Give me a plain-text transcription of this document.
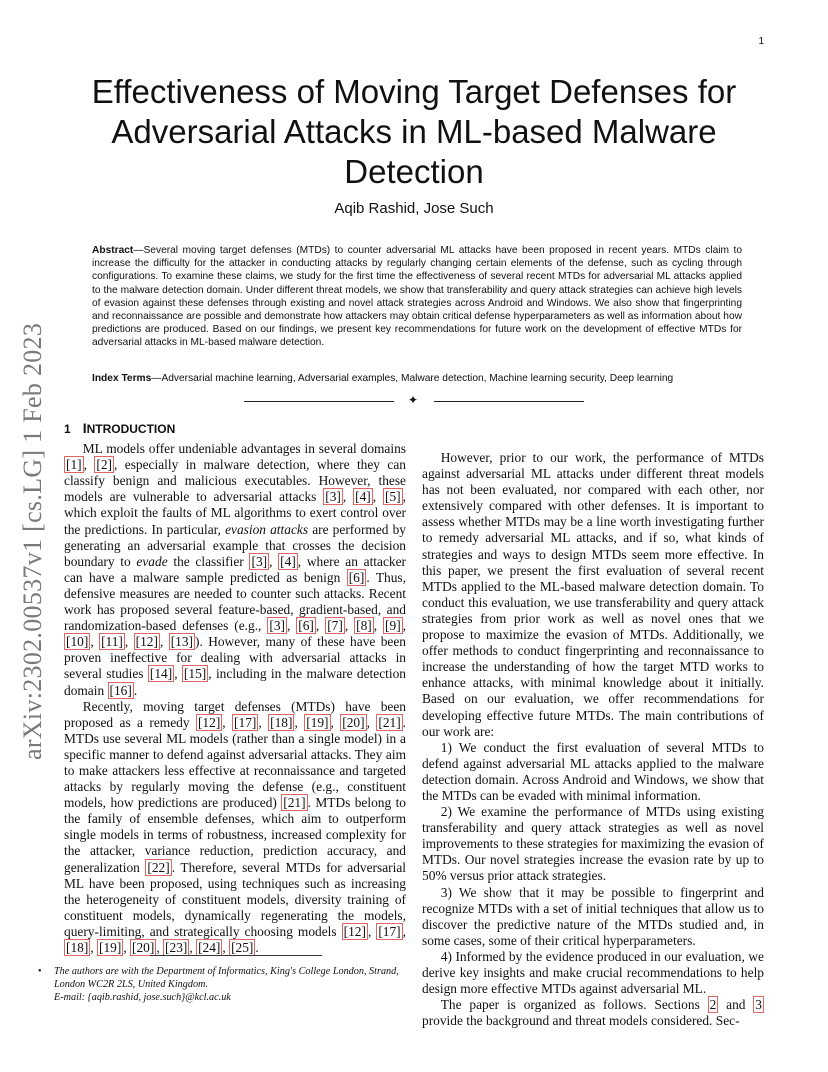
1
arXiv:2302.00537v1 [cs.LG] 1 Feb 2023
Effectiveness of Moving Target Defenses for Adversarial Attacks in ML-based Malware Detection
Aqib Rashid, Jose Such
Abstract—Several moving target defenses (MTDs) to counter adversarial ML attacks have been proposed in recent years. MTDs claim to increase the difficulty for the attacker in conducting attacks by regularly changing certain elements of the defense, such as cycling through configurations. To examine these claims, we study for the first time the effectiveness of several recent MTDs for adversarial ML attacks applied to the malware detection domain. Under different threat models, we show that transferability and query attack strategies can achieve high levels of evasion against these defenses through existing and novel attack strategies across Android and Windows. We also show that fingerprinting and reconnaissance are possible and demonstrate how attackers may obtain critical defense hyperparameters as well as information about how predictions are produced. Based on our findings, we present key recommendations for future work on the development of effective MTDs for adversarial attacks in ML-based malware detection.
Index Terms—Adversarial machine learning, Adversarial examples, Malware detection, Machine learning security, Deep learning
✦
1 INTRODUCTION

ML models offer undeniable advantages in several domains [1] , [2] , especially in malware detection, where they can classify benign and malicious executables. However, these models are vulnerable to adversarial attacks [3] , [4] , [5] , which exploit the faults of ML algorithms to exert control over the predictions. In particular, evasion attacks are performed by generating an adversarial example that crosses the decision boundary to evade the classifier [3] , [4] , where an attacker can have a malware sample predicted as benign [6] . Thus, defensive measures are needed to counter such attacks. Recent work has proposed several feature-based, gradient-based, and randomization-based defenses (e.g., [3] , [6] , [7] , [8] , [9] , [10] , [11] , [12] , [13] ). However, many of these have been proven ineffective for dealing with adversarial attacks in several studies [14] , [15] , including in the malware detection domain [16] .

Recently, moving target defenses (MTDs) have been proposed as a remedy [12] , [17] , [18] , [19] , [20] , [21] . MTDs use several ML models (rather than a single model) in a specific manner to defend against adversarial attacks. They aim to make attackers less effective at reconnaissance and targeted attacks by regularly moving the defense (e.g., constituent models, how predictions are produced) [21] . MTDs belong to the family of ensemble defenses, which aim to outperform single models in terms of robustness, increased complexity for the attacker, variance reduction, prediction accuracy, and generalization [22] . Therefore, several MTDs for adversarial ML have been proposed, using techniques such as increasing the heterogeneity of constituent models, diversity training of constituent models, dynamically regenerating the models, query-limiting, and strategically choosing models [12] , [17] , [18] , [19] , [20] , [23] , [24] , [25] .

• The authors are with the Department of Informatics, King's College London, Strand, London WC2R 2LS, United Kingdom.
E-mail: {aqib.rashid, jose.such}@kcl.ac.uk

However, prior to our work, the performance of MTDs against adversarial ML attacks under different threat models has not been evaluated, nor compared with each other, nor extensively compared with other defenses. It is important to assess whether MTDs may be a line worth investigating further to remedy adversarial ML attacks, and if so, what kinds of strategies and ways to design MTDs seem more effective. In this paper, we present the first evaluation of several recent MTDs applied to the ML-based malware detection domain. To conduct this evaluation, we use transferability and query attack strategies from prior work as well as novel ones that we propose to maximize the evasion of MTDs. Additionally, we offer methods to conduct fingerprinting and reconnaissance to increase the understanding of how the target MTD works to enhance attacks, with minimal knowledge about it initially. Based on our evaluation, we offer recommendations for developing effective future MTDs. The main contributions of our work are:

1) We conduct the first evaluation of several MTDs to defend against adversarial ML attacks applied to the malware detection domain. Across Android and Windows, we show that the MTDs can be evaded with minimal information.

2) We examine the performance of MTDs using existing transferability and query attack strategies as well as novel improvements to these strategies for maximizing the evasion of MTDs. Our novel strategies increase the evasion rate by up to 50% versus prior attack strategies.

3) We show that it may be possible to fingerprint and recognize MTDs with a set of initial techniques that allow us to discover the predictive nature of the MTDs studied and, in some cases, some of their critical hyperparameters.

4) Informed by the evidence produced in our evaluation, we derive key insights and make crucial recommendations to help design more effective MTDs against adversarial ML.

The paper is organized as follows. Sections 2 and 3 provide the background and threat models considered. Sec-
